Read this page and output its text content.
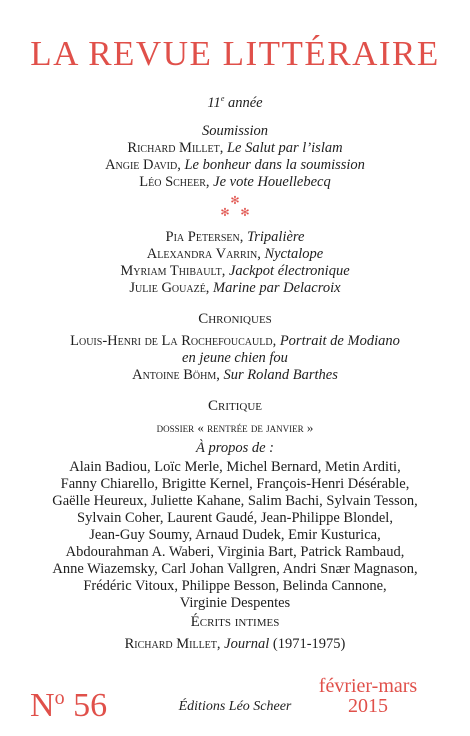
LA REVUE LITTÉRAIRE
11e année
Soumission
Richard Millet, Le Salut par l’islam
Angie David, Le bonheur dans la soumission
Léo Scheer, Je vote Houellebecq
✻
✻ ✻
Pia Petersen, Tripalière
Alexandra Varrin, Nyctalope
Myriam Thibault, Jackpot électronique
Julie Gouazé, Marine par Delacroix
Chroniques
Louis-Henri de La Rochefoucauld, Portrait de Modiano
en jeune chien fou
Antoine Böhm, Sur Roland Barthes
Critique
dossier « rentrée de janvier »
À propos de :
Alain Badiou, Loïc Merle, Michel Bernard, Metin Arditi,
Fanny Chiarello, Brigitte Kernel, François-Henri Désérable,
Gaëlle Heureux, Juliette Kahane, Salim Bachi, Sylvain Tesson,
Sylvain Coher, Laurent Gaudé, Jean-Philippe Blondel,
Jean-Guy Soumy, Arnaud Dudek, Emir Kusturica,
Abdourahman A. Waberi, Virginia Bart, Patrick Rambaud,
Anne Wiazemsky, Carl Johan Vallgren, Andri Snær Magnason,
Frédéric Vitoux, Philippe Besson, Belinda Cannone,
Virginie Despentes
Écrits intimes
Richard Millet, Journal (1971-1975)
$N^o$ 56	Éditions Léo Scheer
février-mars
2015
